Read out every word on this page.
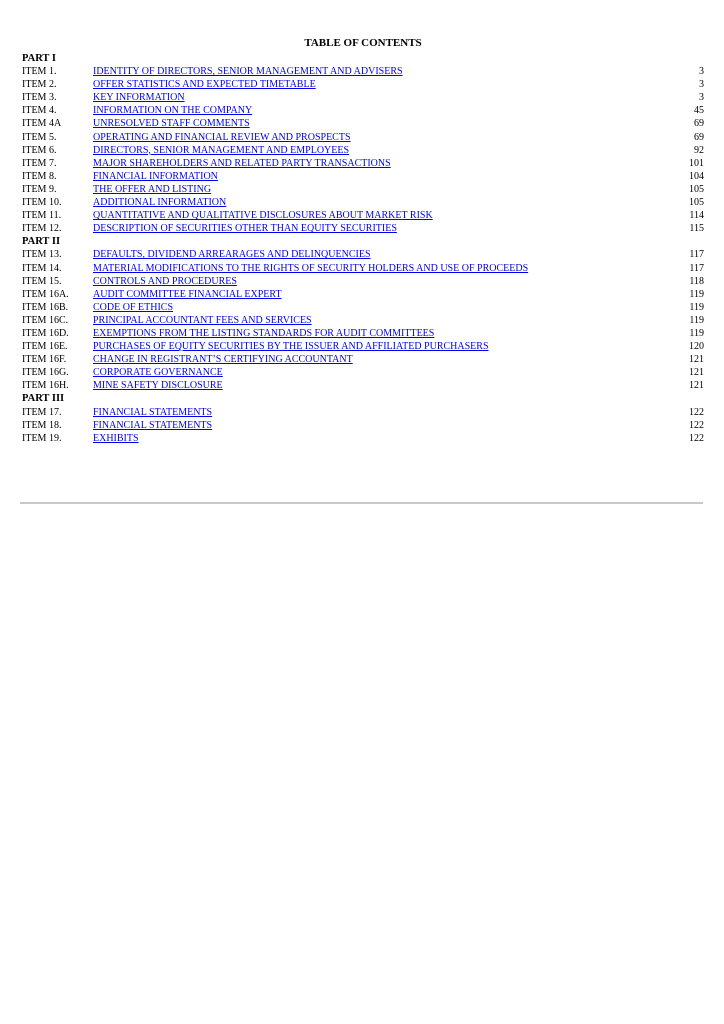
TABLE OF CONTENTS
PART I
ITEM 1.	IDENTITY OF DIRECTORS, SENIOR MANAGEMENT AND ADVISERS	3
ITEM 2.	OFFER STATISTICS AND EXPECTED TIMETABLE	3
ITEM 3.	KEY INFORMATION	3
ITEM 4.	INFORMATION ON THE COMPANY	45
ITEM 4A	UNRESOLVED STAFF COMMENTS	69
ITEM 5.	OPERATING AND FINANCIAL REVIEW AND PROSPECTS	69
ITEM 6.	DIRECTORS, SENIOR MANAGEMENT AND EMPLOYEES	92
ITEM 7.	MAJOR SHAREHOLDERS AND RELATED PARTY TRANSACTIONS	101
ITEM 8.	FINANCIAL INFORMATION	104
ITEM 9.	THE OFFER AND LISTING	105
ITEM 10.	ADDITIONAL INFORMATION	105
ITEM 11.	QUANTITATIVE AND QUALITATIVE DISCLOSURES ABOUT MARKET RISK	114
ITEM 12.	DESCRIPTION OF SECURITIES OTHER THAN EQUITY SECURITIES	115
PART II
ITEM 13.	DEFAULTS, DIVIDEND ARREARAGES AND DELINQUENCIES	117
ITEM 14.	MATERIAL MODIFICATIONS TO THE RIGHTS OF SECURITY HOLDERS AND USE OF PROCEEDS	117
ITEM 15.	CONTROLS AND PROCEDURES	118
ITEM 16A.	AUDIT COMMITTEE FINANCIAL EXPERT	119
ITEM 16B.	CODE OF ETHICS	119
ITEM 16C.	PRINCIPAL ACCOUNTANT FEES AND SERVICES	119
ITEM 16D.	EXEMPTIONS FROM THE LISTING STANDARDS FOR AUDIT COMMITTEES	119
ITEM 16E.	PURCHASES OF EQUITY SECURITIES BY THE ISSUER AND AFFILIATED PURCHASERS	120
ITEM 16F.	CHANGE IN REGISTRANT’S CERTIFYING ACCOUNTANT	121
ITEM 16G.	CORPORATE GOVERNANCE	121
ITEM 16H.	MINE SAFETY DISCLOSURE	121
PART III
ITEM 17.	FINANCIAL STATEMENTS	122
ITEM 18.	FINANCIAL STATEMENTS	122
ITEM 19.	EXHIBITS	122
